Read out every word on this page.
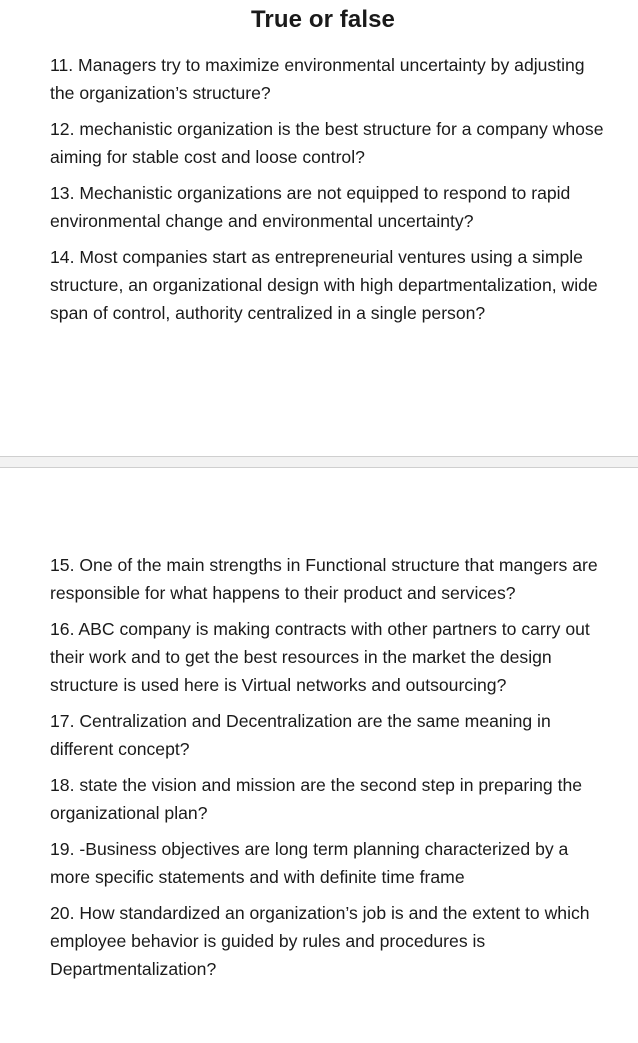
True or false
11. Managers try to maximize environmental uncertainty by adjusting the organization’s structure?
12. mechanistic organization is the best structure for a company whose aiming for stable cost and loose control?
13. Mechanistic organizations are not equipped to respond to rapid environmental change and environmental uncertainty?
14. Most companies start as entrepreneurial ventures using a simple structure, an organizational design with high departmentalization, wide span of control, authority centralized in a single person?
15. One of the main strengths in Functional structure that mangers are responsible for what happens to their product and services?
16. ABC company is making contracts with other partners to carry out their work and to get the best resources in the market the design structure is used here is Virtual networks and outsourcing?
17. Centralization and Decentralization are the same meaning in different concept?
18. state the vision and mission are the second step in preparing the organizational plan?
19. -Business objectives are long term planning characterized by a more specific statements and with definite time frame
20. How standardized an organization’s job is and the extent to which employee behavior is guided by rules and procedures is Departmentalization?
